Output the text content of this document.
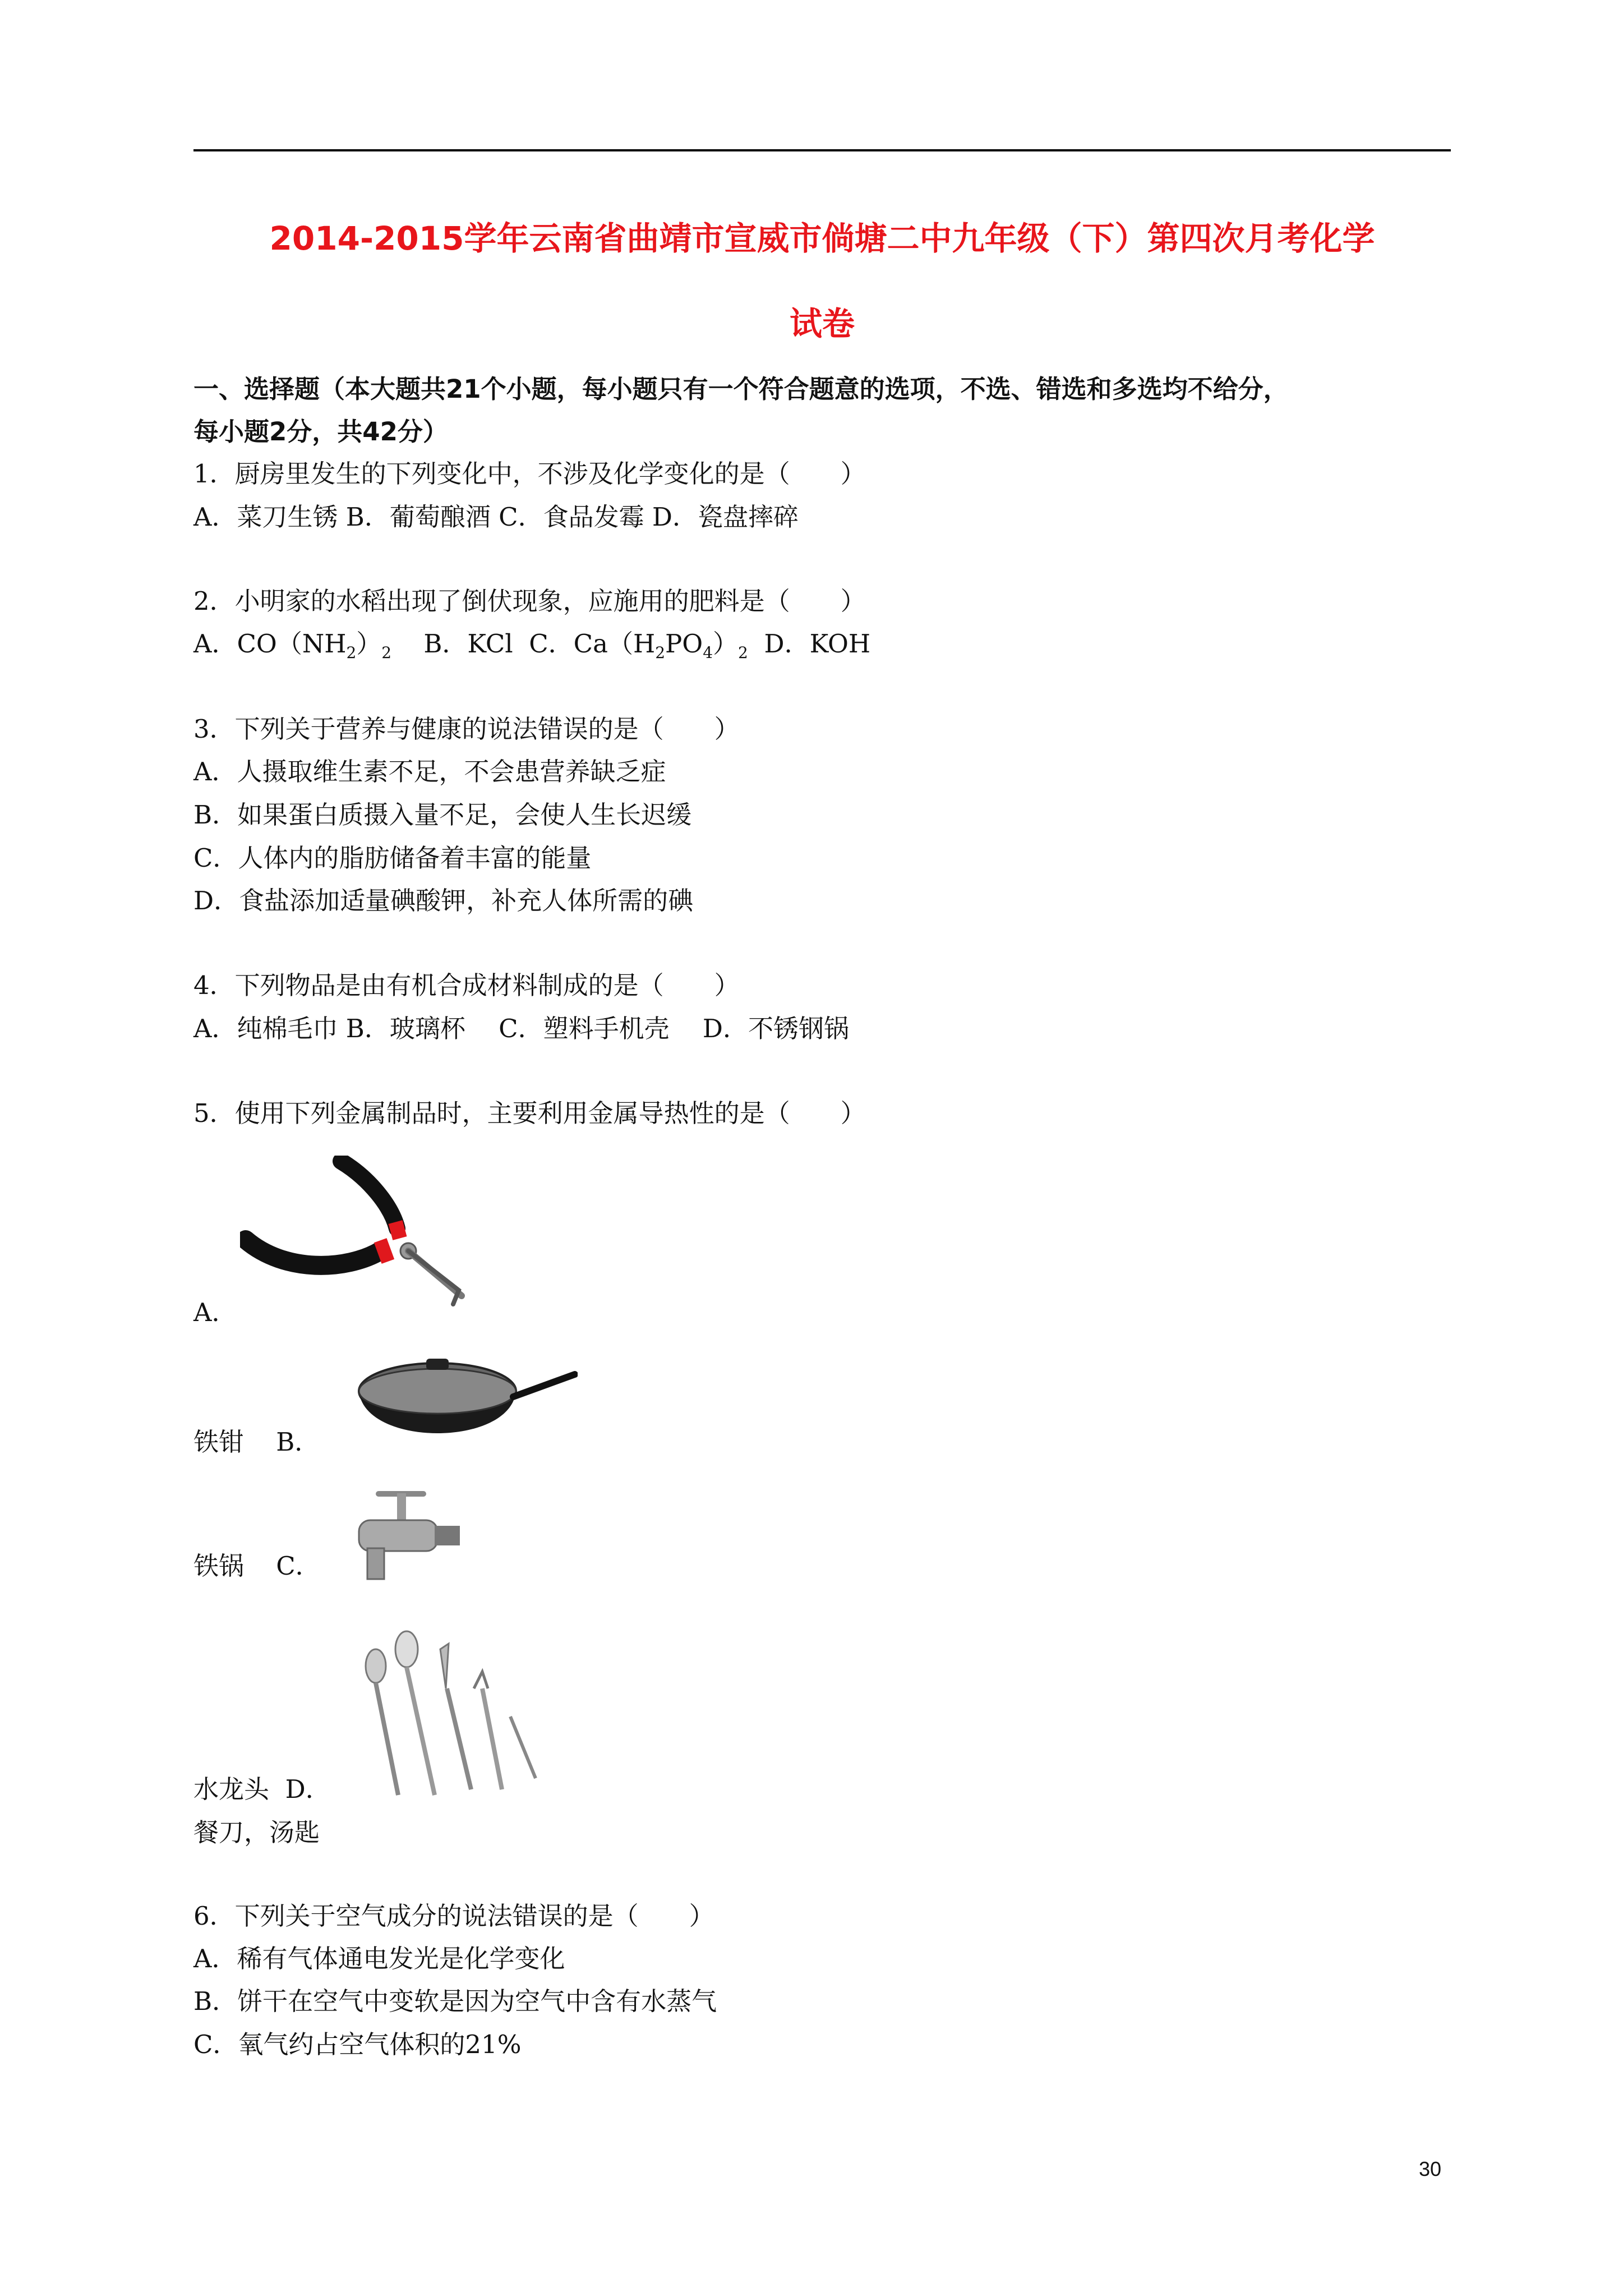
2014-2015学年云南省曲靖市宣威市倘塘二中九年级（下）第四次月考化学
试卷
一、选择题（本大题共21个小题，每小题只有一个符合题意的选项，不选、错选和多选均不给分，
每小题2分，共42分）
1．厨房里发生的下列变化中，不涉及化学变化的是（　　）
A．菜刀生锈 B．葡萄酿酒 C．食品发霉 D．瓷盘摔碎
2．小明家的水稻出现了倒伏现象，应施用的肥料是（　　）
A．$CO(NH_2)_2$ B．KCl  C．$Ca(H_2PO_4)_2$ D．KOH
3．下列关于营养与健康的说法错误的是（　　）
A．人摄取维生素不足，不会患营养缺乏症
B．如果蛋白质摄入量不足，会使人生长迟缓
C．人体内的脂肪储备着丰富的能量
D．食盐添加适量碘酸钾，补充人体所需的碘
4．下列物品是由有机合成材料制成的是（　　）
A．纯棉毛巾 B．玻璃杯　 C．塑料手机壳　 D．不锈钢锅
5．使用下列金属制品时，主要利用金属导热性的是（　　）
A．
铁钳 B．
铁锅 C．
水龙头 D．
餐刀，汤匙
6．下列关于空气成分的说法错误的是（　　）
A．稀有气体通电发光是化学变化
B．饼干在空气中变软是因为空气中含有水蒸气
C．氧气约占空气体积的21%
30
